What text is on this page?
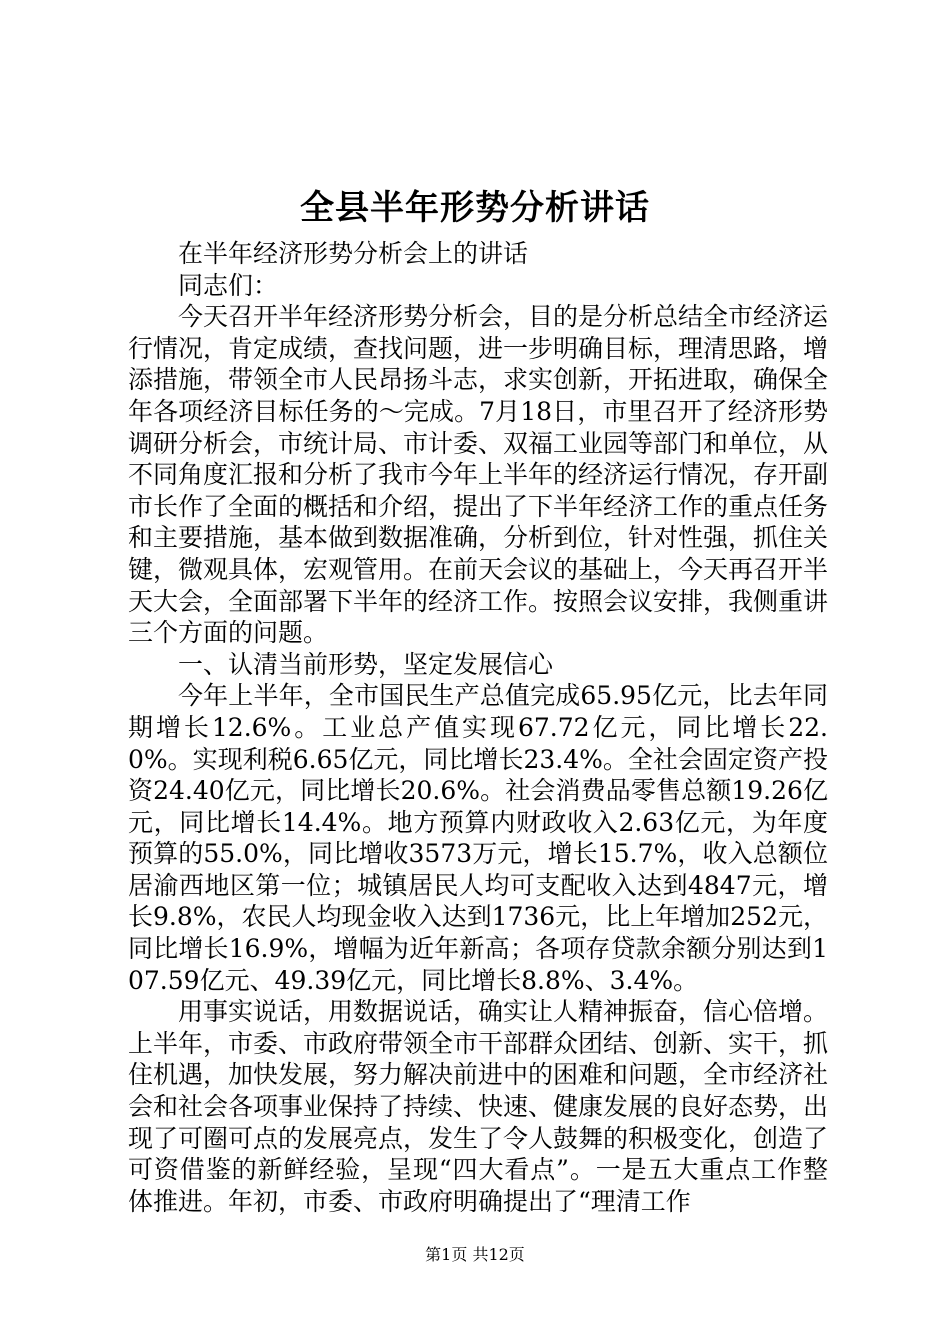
全县半年形势分析讲话

在半年经济形势分析会上的讲话

同志们：

今天召开半年经济形势分析会，目的是分析总结全市经济运行情况，肯定成绩，查找问题，进一步明确目标，理清思路，增添措施，带领全市人民昂扬斗志，求实创新，开拓进取，确保全年各项经济目标任务的～完成。7月18日，市里召开了经济形势调研分析会，市统计局、市计委、双福工业园等部门和单位，从不同角度汇报和分析了我市今年上半年的经济运行情况，存开副市长作了全面的概括和介绍，提出了下半年经济工作的重点任务和主要措施，基本做到数据准确，分析到位，针对性强，抓住关键，微观具体，宏观管用。在前天会议的基础上，今天再召开半天大会，全面部署下半年的经济工作。按照会议安排，我侧重讲三个方面的问题。

一、认清当前形势，坚定发展信心

今年上半年，全市国民生产总值完成65.95亿元，比去年同期增长12.6%。工业总产值实现67.72亿元，同比增长22.0%。实现利税6.65亿元，同比增长23.4%。全社会固定资产投资24.40亿元，同比增长20.6%。社会消费品零售总额19.26亿元，同比增长14.4%。地方预算内财政收入2.63亿元，为年度预算的55.0%，同比增收3573万元，增长15.7%，收入总额位居渝西地区第一位；城镇居民人均可支配收入达到4847元，增长9.8%，农民人均现金收入达到1736元，比上年增加252元，同比增长16.9%，增幅为近年新高；各项存贷款余额分别达到107.59亿元、49.39亿元，同比增长8.8%、3.4%。

用事实说话，用数据说话，确实让人精神振奋，信心倍增。上半年，市委、市政府带领全市干部群众团结、创新、实干，抓住机遇，加快发展，努力解决前进中的困难和问题，全市经济社会和社会各项事业保持了持续、快速、健康发展的良好态势，出现了可圈可点的发展亮点，发生了令人鼓舞的积极变化，创造了可资借鉴的新鲜经验，呈现“四大看点”。一是五大重点工作整体推进。年初，市委、市政府明确提出了“理清工作

第1页 共12页
